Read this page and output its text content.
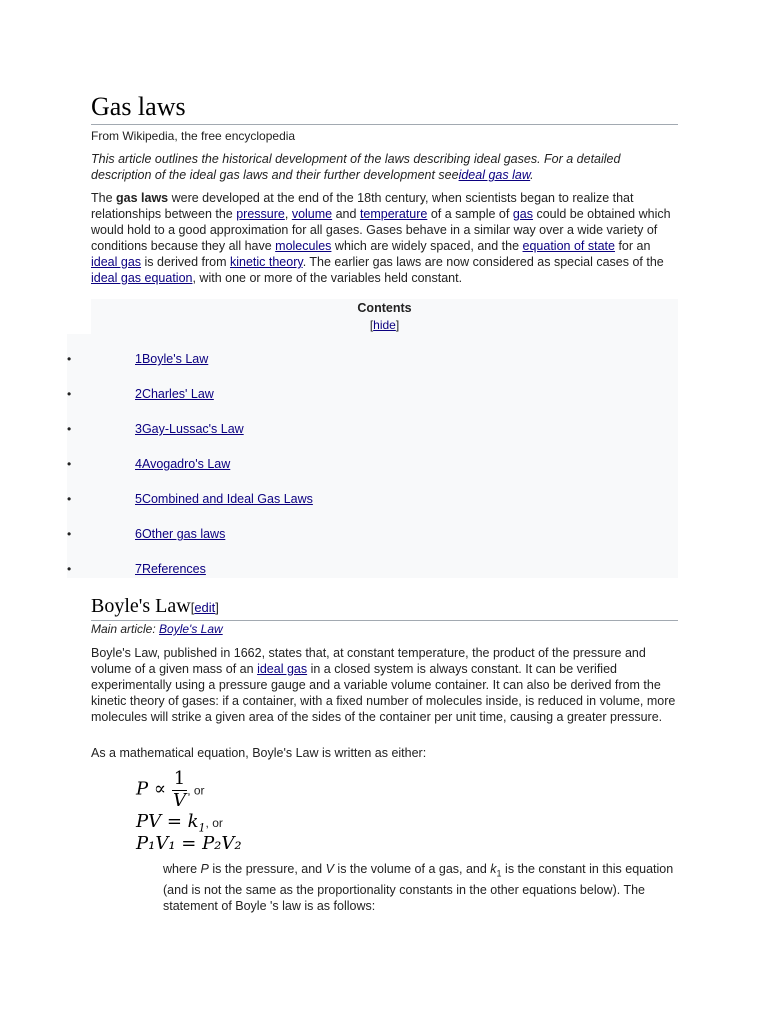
Gas laws
From Wikipedia, the free encyclopedia
This article outlines the historical development of the laws describing ideal gases. For a detailed description of the ideal gas laws and their further development seeideal gas law.
The gas laws were developed at the end of the 18th century, when scientists began to realize that relationships between the pressure, volume and temperature of a sample of gas could be obtained which would hold to a good approximation for all gases. Gases behave in a similar way over a wide variety of conditions because they all have molecules which are widely spaced, and the equation of state for an ideal gas is derived from kinetic theory. The earlier gas laws are now considered as special cases of the ideal gas equation, with one or more of the variables held constant.
Contents
[hide]
•	1Boyle's Law
•	2Charles' Law
•	3Gay-Lussac's Law
•	4Avogadro's Law
•	5Combined and Ideal Gas Laws
•	6Other gas laws
•	7References
Boyle's Law[edit]
Main article: Boyle's Law
Boyle's Law, published in 1662, states that, at constant temperature, the product of the pressure and volume of a given mass of an ideal gas in a closed system is always constant. It can be verified experimentally using a pressure gauge and a variable volume container. It can also be derived from the kinetic theory of gases: if a container, with a fixed number of molecules inside, is reduced in volume, more molecules will strike a given area of the sides of the container per unit time, causing a greater pressure.
As a mathematical equation, Boyle's Law is written as either:
$P \propto \frac{1}{V}$ , or
PV = $k_1$, or
P₁V₁ = P₂V₂
where P is the pressure, and V is the volume of a gas, and $k_1$ is the constant in this equation (and is not the same as the proportionality constants in the other equations below). The statement of Boyle 's law is as follows:
